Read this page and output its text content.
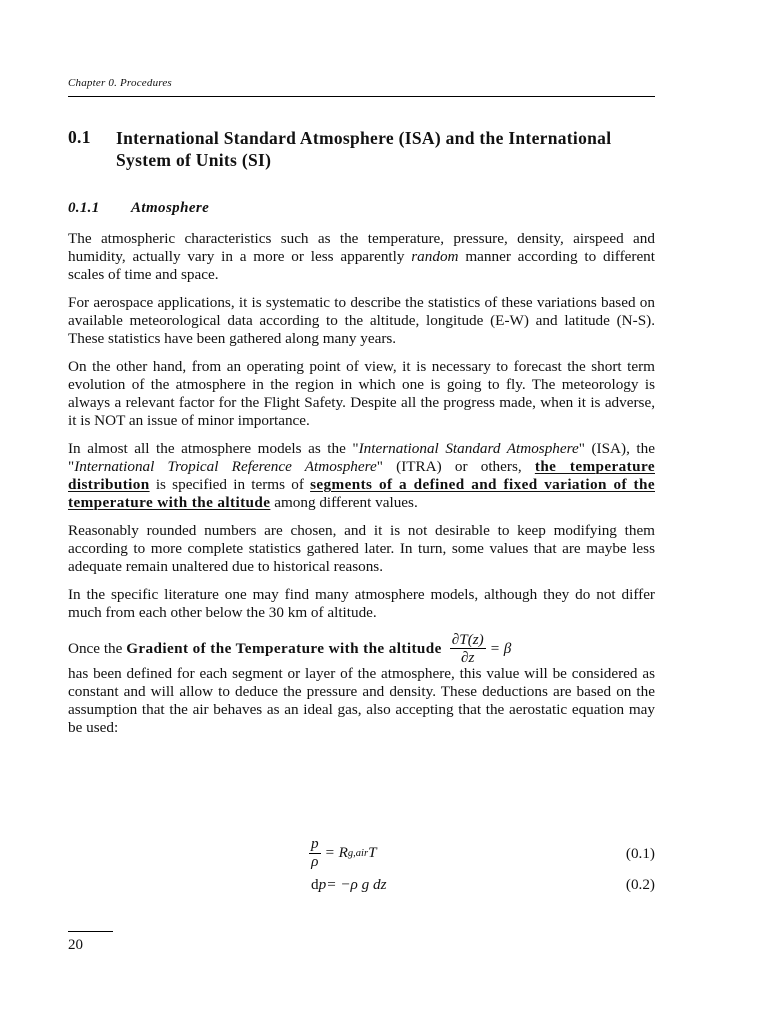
Chapter 0. Procedures
0.1 International Standard Atmosphere (ISA) and the International System of Units (SI)
0.1.1 Atmosphere

The atmospheric characteristics such as the temperature, pressure, density, airspeed and humidity, actually vary in a more or less apparently random manner according to different scales of time and space.

For aerospace applications, it is systematic to describe the statistics of these variations based on available meteorological data according to the altitude, longitude (E-W) and latitude (N-S). These statistics have been gathered along many years.

On the other hand, from an operating point of view, it is necessary to forecast the short term evolution of the atmosphere in the region in which one is going to fly. The meteorology is always a relevant factor for the Flight Safety. Despite all the progress made, when it is adverse, it is NOT an issue of minor importance.

In almost all the atmosphere models as the "International Standard Atmosphere" (ISA), the "International Tropical Reference Atmosphere" (ITRA) or others, the temperature distribution is specified in terms of segments of a defined and fixed variation of the temperature with the altitude among different values.

Reasonably rounded numbers are chosen, and it is not desirable to keep modifying them according to more complete statistics gathered later. In turn, some values that are maybe less adequate remain unaltered due to historical reasons.

In the specific literature one may find many atmosphere models, although they do not differ much from each other below the 30 km of altitude.

Once the
Gradient of the Temperature with the altitude $\frac{\partial T(z)}{\partial z} = \beta$
has been defined for each segment or layer of the atmosphere, this value will be considered as constant and will allow to deduce the pressure and density. These deductions are based on the assumption that the air behaves as an ideal gas, also accepting that the aerostatic equation may be used:

$\frac{p}{\rho} = R$ g,air T	(0.1)
d p = −ρ g d z	(0.2)
20
